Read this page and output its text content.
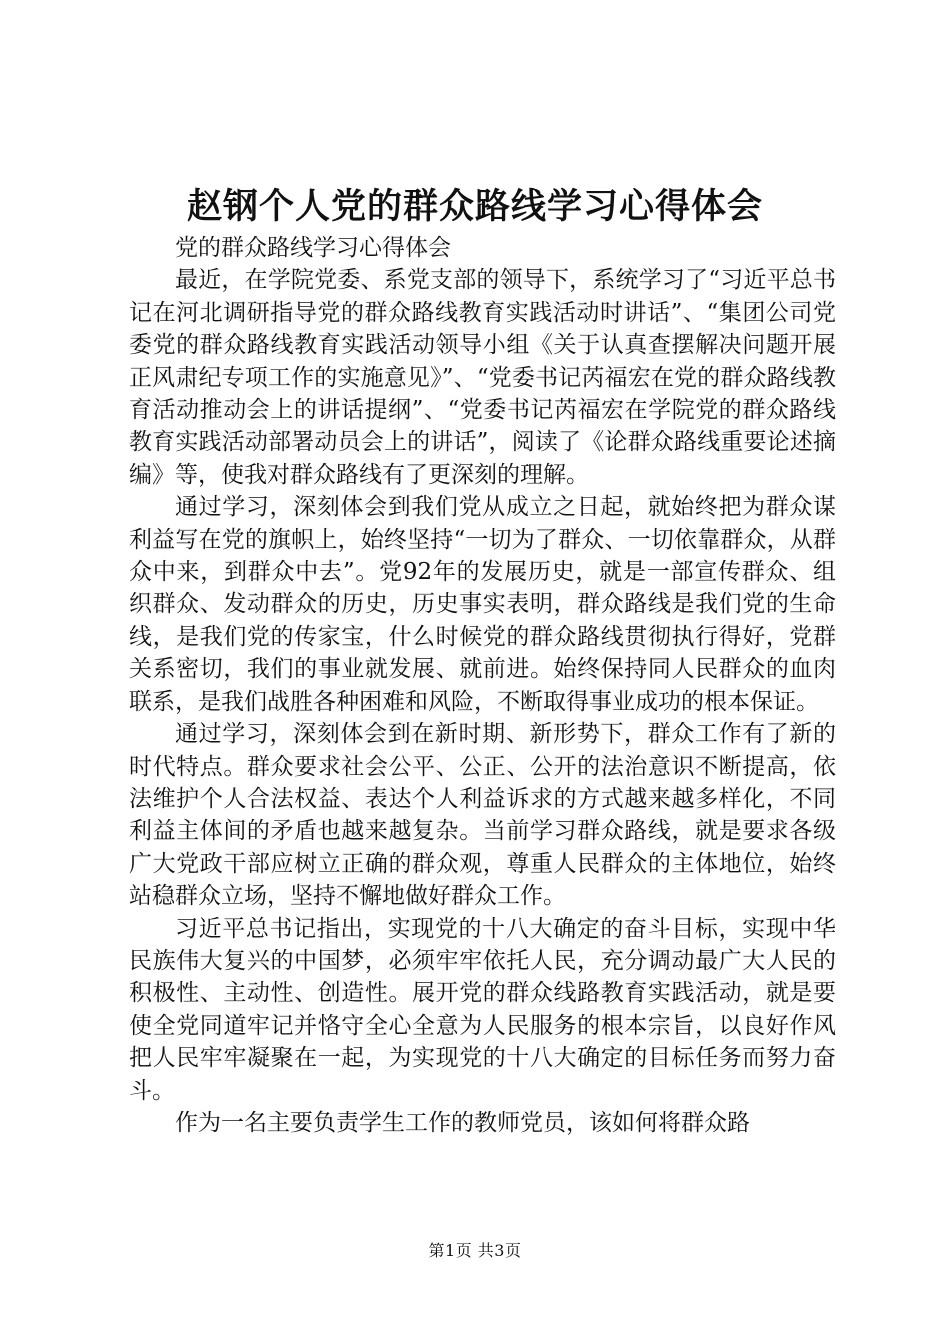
赵钢个人党的群众路线学习心得体会

党的群众路线学习心得体会

最近，在学院党委、系党支部的领导下，系统学习了“习近平总书记在河北调研指导党的群众路线教育实践活动时讲话”、“集团公司党委党的群众路线教育实践活动领导小组《关于认真查摆解决问题开展正风肃纪专项工作的实施意见》”、“党委书记芮福宏在党的群众路线教育活动推动会上的讲话提纲”、“党委书记芮福宏在学院党的群众路线教育实践活动部署动员会上的讲话”，阅读了《论群众路线重要论述摘编》等，使我对群众路线有了更深刻的理解。

通过学习，深刻体会到我们党从成立之日起，就始终把为群众谋利益写在党的旗帜上，始终坚持“一切为了群众、一切依靠群众，从群众中来，到群众中去”。党92年的发展历史，就是一部宣传群众、组织群众、发动群众的历史，历史事实表明，群众路线是我们党的生命线，是我们党的传家宝，什么时候党的群众路线贯彻执行得好，党群关系密切，我们的事业就发展、就前进。始终保持同人民群众的血肉联系，是我们战胜各种困难和风险，不断取得事业成功的根本保证。

通过学习，深刻体会到在新时期、新形势下，群众工作有了新的时代特点。群众要求社会公平、公正、公开的法治意识不断提高，依法维护个人合法权益、表达个人利益诉求的方式越来越多样化，不同利益主体间的矛盾也越来越复杂。当前学习群众路线，就是要求各级广大党政干部应树立正确的群众观，尊重人民群众的主体地位，始终站稳群众立场，坚持不懈地做好群众工作。

习近平总书记指出，实现党的十八大确定的奋斗目标，实现中华民族伟大复兴的中国梦，必须牢牢依托人民，充分调动最广大人民的积极性、主动性、创造性。展开党的群众线路教育实践活动，就是要使全党同道牢记并恪守全心全意为人民服务的根本宗旨，以良好作风把人民牢牢凝聚在一起，为实现党的十八大确定的目标任务而努力奋斗。

作为一名主要负责学生工作的教师党员，该如何将群众路

第1页 共3页
